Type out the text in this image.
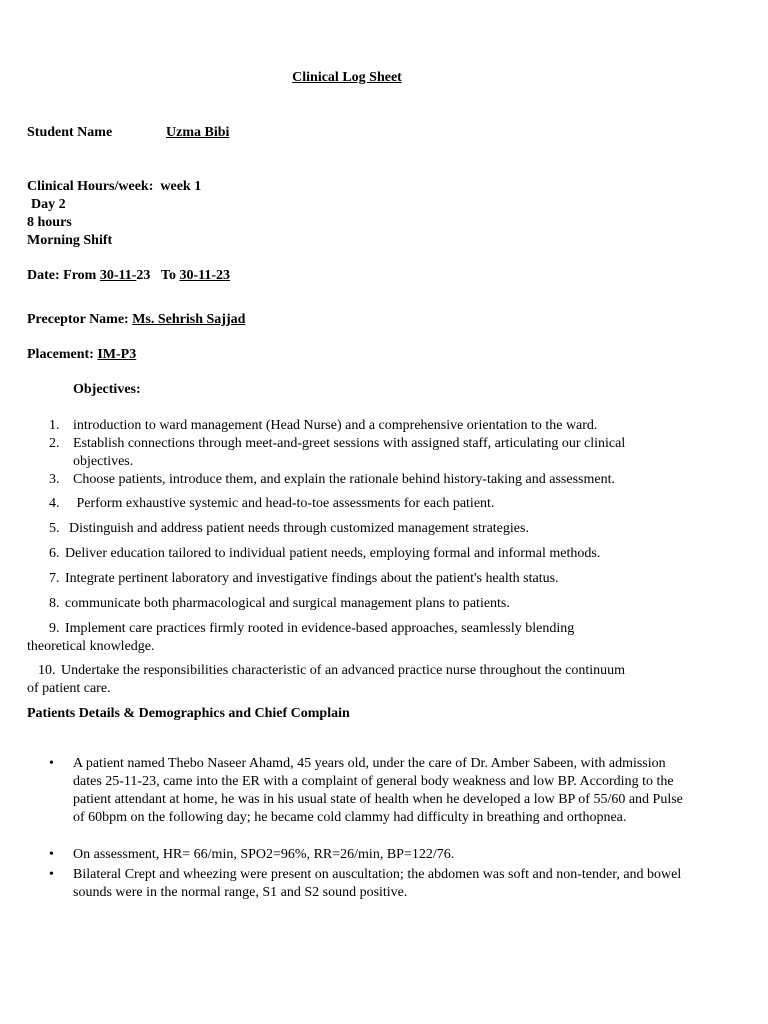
Clinical Log Sheet
Student Name	Uzma Bibi
Clinical Hours/week: week 1
Day 2
8 hours
Morning Shift
Date: From 30-11-23 To 30-11-23
Preceptor Name: Ms. Sehrish Sajjad
Placement: IM-P3
Objectives:
1. introduction to ward management (Head Nurse) and a comprehensive orientation to the ward.
2. Establish connections through meet-and-greet sessions with assigned staff, articulating our clinical
objectives.
3. Choose patients, introduce them, and explain the rationale behind history-taking and assessment.
4. Perform exhaustive systemic and head-to-toe assessments for each patient.
5. Distinguish and address patient needs through customized management strategies.
6. Deliver education tailored to individual patient needs, employing formal and informal methods.
7. Integrate pertinent laboratory and investigative findings about the patient's health status.
8. communicate both pharmacological and surgical management plans to patients.
9. Implement care practices firmly rooted in evidence-based approaches, seamlessly blending
theoretical knowledge.
10. Undertake the responsibilities characteristic of an advanced practice nurse throughout the continuum
of patient care.
Patients Details & Demographics and Chief Complain
• A patient named Thebo Naseer Ahamd, 45 years old, under the care of Dr. Amber Sabeen, with admission dates 25-11-23, came into the ER with a complaint of general body weakness and low BP. According to the patient attendant at home, he was in his usual state of health when he developed a low BP of 55/60 and Pulse of 60bpm on the following day; he became cold clammy had difficulty in breathing and orthopnea.
• On assessment, HR= 66/min, SPO2=96%, RR=26/min, BP=122/76.
• Bilateral Crept and wheezing were present on auscultation; the abdomen was soft and non-tender, and bowel sounds were in the normal range, S1 and S2 sound positive.
